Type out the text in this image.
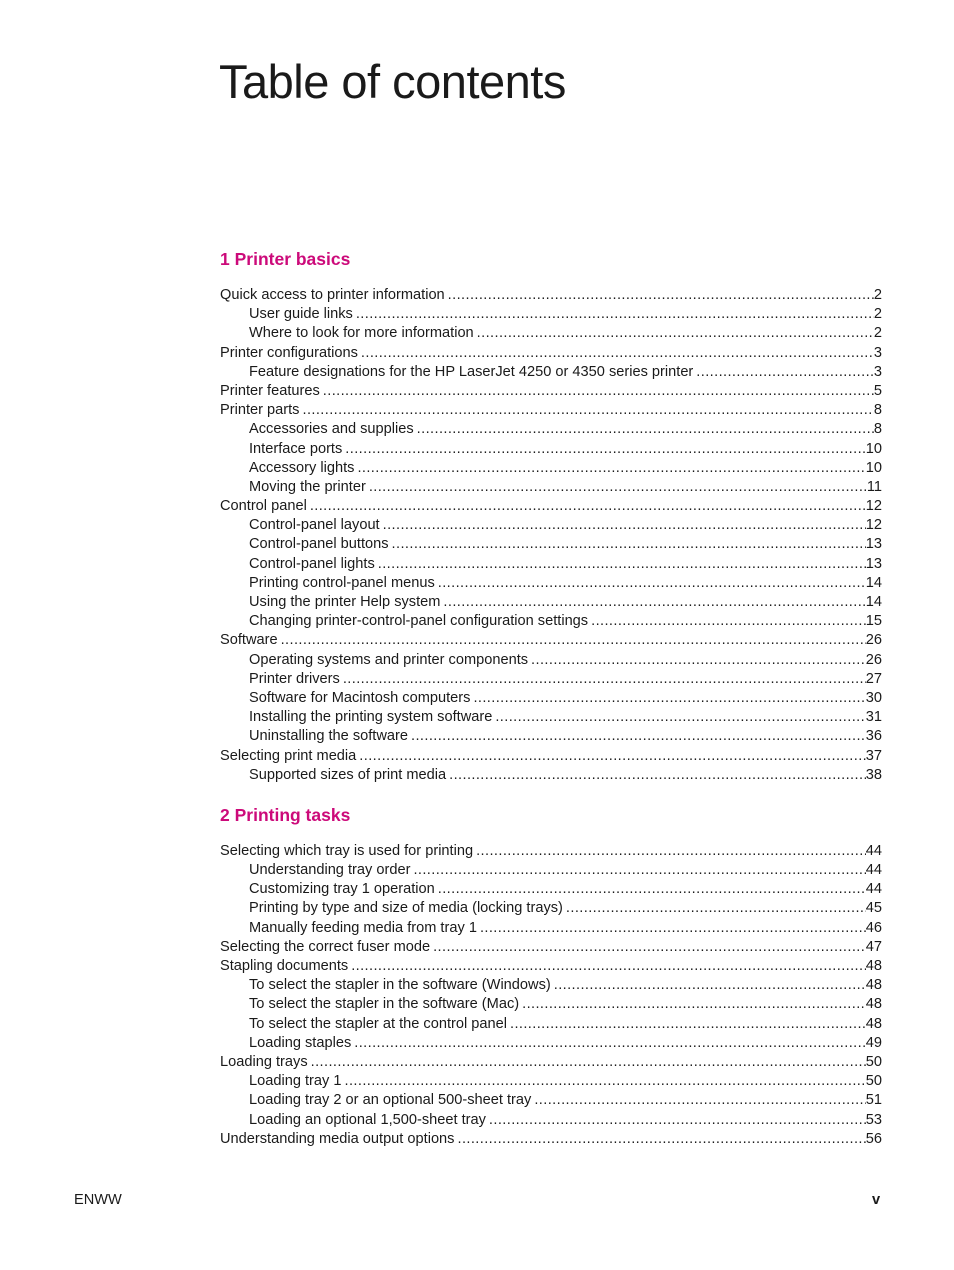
Table of contents
1 Printer basics
Quick access to printer information .....	2
User guide links .....	2
Where to look for more information .....	2
Printer configurations .....	3
Feature designations for the HP LaserJet 4250 or 4350 series printer .....	3
Printer features .....	5
Printer parts .....	8
Accessories and supplies .....	8
Interface ports .....	10
Accessory lights .....	10
Moving the printer .....	11
Control panel .....	12
Control-panel layout .....	12
Control-panel buttons .....	13
Control-panel lights .....	13
Printing control-panel menus .....	14
Using the printer Help system .....	14
Changing printer-control-panel configuration settings .....	15
Software .....	26
Operating systems and printer components .....	26
Printer drivers .....	27
Software for Macintosh computers .....	30
Installing the printing system software .....	31
Uninstalling the software .....	36
Selecting print media .....	37
Supported sizes of print media .....	38
2 Printing tasks
Selecting which tray is used for printing .....	44
Understanding tray order .....	44
Customizing tray 1 operation .....	44
Printing by type and size of media (locking trays) .....	45
Manually feeding media from tray 1 .....	46
Selecting the correct fuser mode .....	47
Stapling documents .....	48
To select the stapler in the software (Windows) .....	48
To select the stapler in the software (Mac) .....	48
To select the stapler at the control panel .....	48
Loading staples .....	49
Loading trays .....	50
Loading tray 1 .....	50
Loading tray 2 or an optional 500-sheet tray .....	51
Loading an optional 1,500-sheet tray .....	53
Understanding media output options .....	56
ENWW	v
